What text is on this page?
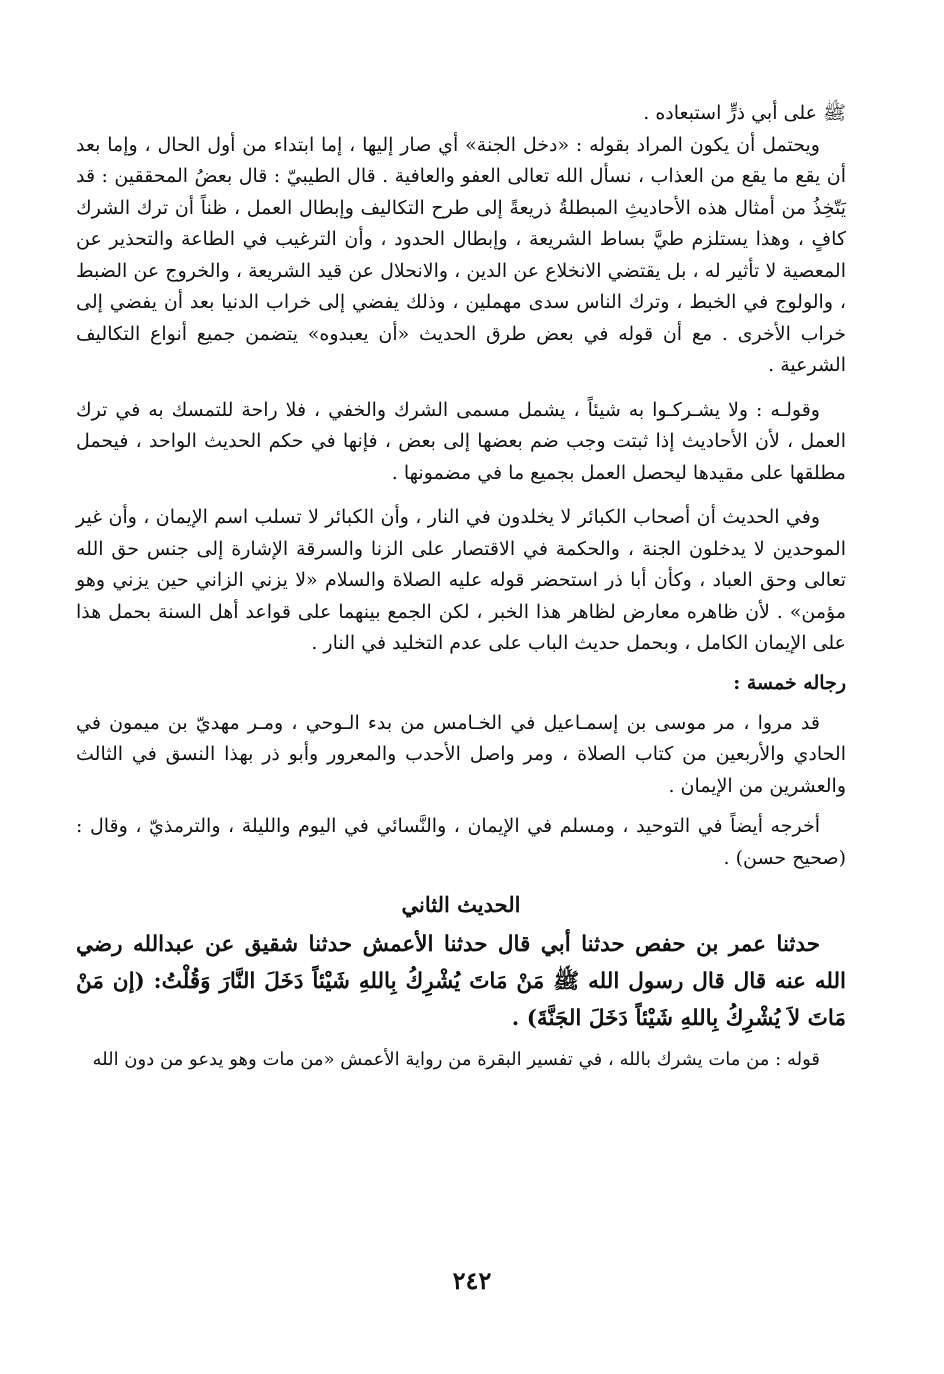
ﷺ على أبي ذرٍّ استبعاده .

ويحتمل أن يكون المراد بقوله : «دخل الجنة» أي صار إليها ، إما ابتداء من أول الحال ، وإما بعد أن يقع ما يقع من العذاب ، نسأل الله تعالى العفو والعافية . قال الطيبيّ : قال بعضُ المحققين : قد يَتّخِذُ من أمثال هذه الأحاديثِ المبطلةُ ذريعةً إلى طرح التكاليف وإبطال العمل ، ظناً أن ترك الشرك كافٍ ، وهذا يستلزم طيَّ بساط الشريعة ، وإبطال الحدود ، وأن الترغيب في الطاعة والتحذير عن المعصية لا تأثير له ، بل يقتضي الانخلاع عن الدين ، والانحلال عن قيد الشريعة ، والخروج عن الضبط ، والولوج في الخبط ، وترك الناس سدى مهملين ، وذلك يفضي إلى خراب الدنيا بعد أن يفضي إلى خراب الأخرى . مع أن قوله في بعض طرق الحديث «أن يعبدوه» يتضمن جميع أنواع التكاليف الشرعية .

وقولـه : ولا يشـركـوا به شيئاً ، يشمل مسمى الشرك والخفي ، فلا راحة للتمسك به في ترك العمل ، لأن الأحاديث إذا ثبتت وجب ضم بعضها إلى بعض ، فإنها في حكم الحديث الواحد ، فيحمل مطلقها على مقيدها ليحصل العمل بجميع ما في مضمونها .

وفي الحديث أن أصحاب الكبائر لا يخلدون في النار ، وأن الكبائر لا تسلب اسم الإيمان ، وأن غير الموحدين لا يدخلون الجنة ، والحكمة في الاقتصار على الزنا والسرقة الإشارة إلى جنس حق الله تعالى وحق العباد ، وكأن أبا ذر استحضر قوله عليه الصلاة والسلام «لا يزني الزاني حين يزني وهو مؤمن» . لأن ظاهره معارض لظاهر هذا الخبر ، لكن الجمع بينهما على قواعد أهل السنة بحمل هذا على الإيمان الكامل ، وبحمل حديث الباب على عدم التخليد في النار .

رجاله خمسة :

قد مروا ، مر موسى بن إسمـاعيل في الخـامس من بدء الـوحي ، ومـر مهديّ بن ميمون في الحادي والأربعين من كتاب الصلاة ، ومر واصل الأحدب والمعرور وأبو ذر بهذا النسق في الثالث والعشرين من الإيمان .

أخرجه أيضاً في التوحيد ، ومسلم في الإيمان ، والنَّسائي في اليوم والليلة ، والترمذيّ ، وقال : (صحيح حسن) .

الحديث الثاني

حدثنا عمر بن حفص حدثنا أبي قال حدثنا الأعمش حدثنا شقيق عن عبدالله رضي الله عنه قال قال رسول الله ﷺ مَنْ مَاتَ يُشْرِكُ بِاللهِ شَيْئاً دَخَلَ النَّارَ وَقُلْتُ: (إن مَنْ مَاتَ لاَ يُشْرِكُ بِاللهِ شَيْئاً دَخَلَ الجَنَّةَ) .

قوله : من مات يشرك بالله ، في تفسير البقرة من رواية الأعمش «من مات وهو يدعو من دون الله

٢٤٢
